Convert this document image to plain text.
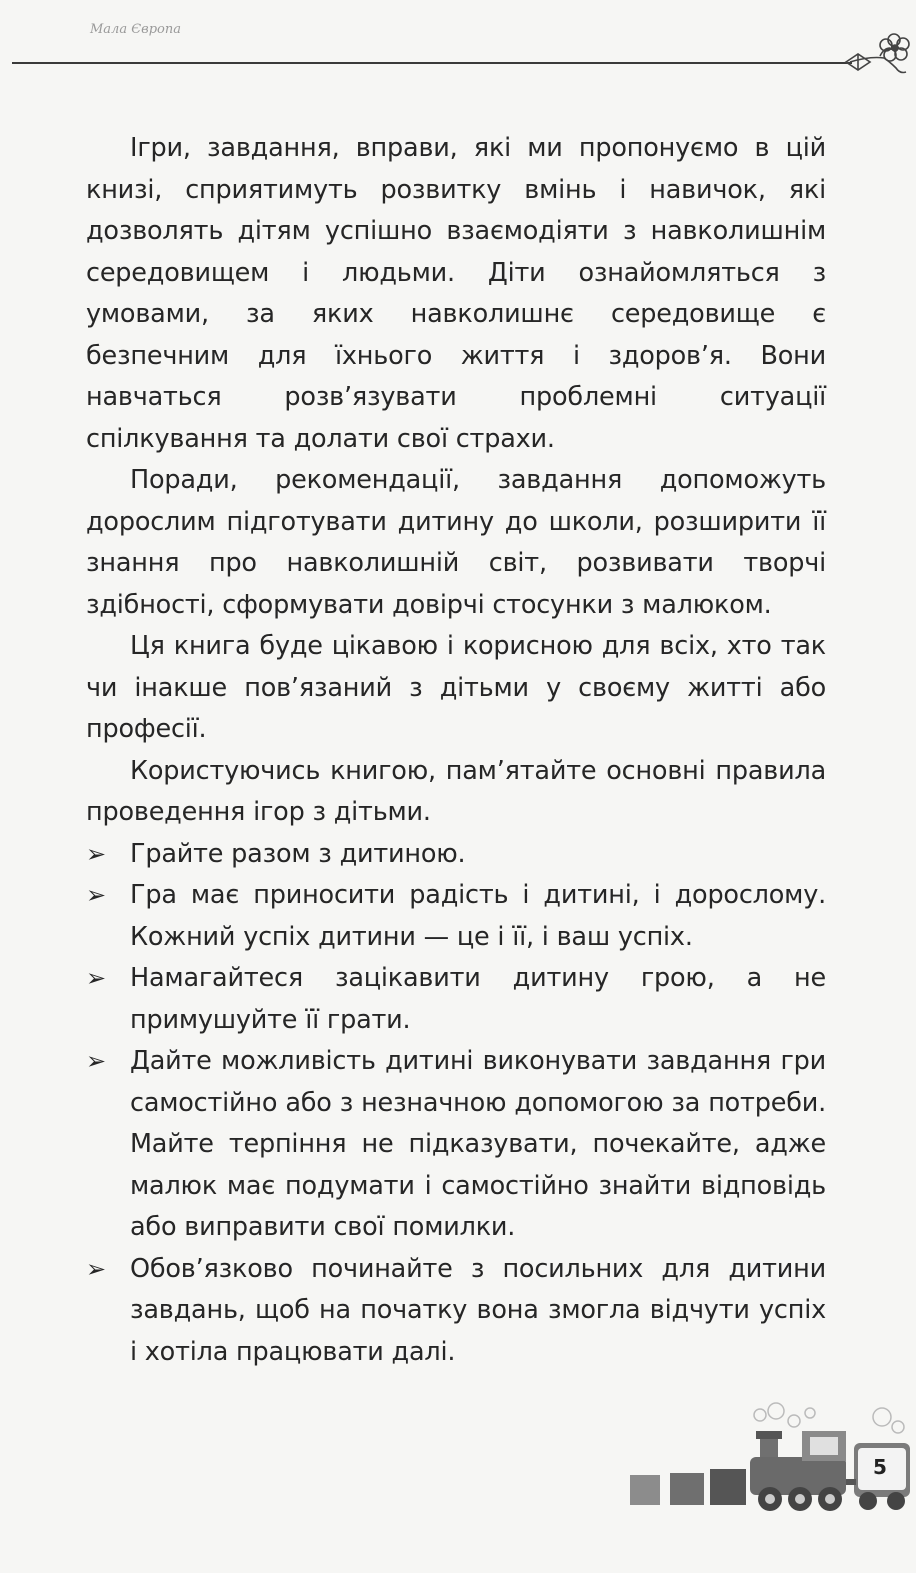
Мала Європа

Ігри, завдання, вправи, які ми пропонуємо в цій книзі, сприятимуть розвитку вмінь і навичок, які дозволять дітям успішно взаємодіяти з навколишнім середовищем і людьми. Діти ознайомляться з умовами, за яких навколишнє середовище є безпечним для їхнього життя і здоров’я. Вони навчаться розв’язувати проблемні ситуації спілкування та долати свої страхи.

Поради, рекомендації, завдання допоможуть дорослим підготувати дитину до школи, розширити її знання про навколишній світ, розвивати творчі здібності, сформувати довірчі стосунки з малюком.

Ця книга буде цікавою і корисною для всіх, хто так чи інакше пов’язаний з дітьми у своєму житті або професії.

Користуючись книгою, пам’ятайте основні правила проведення ігор з дітьми.

➢ Грайте разом з дитиною.
➢ Гра має приносити радість і дитині, і дорослому. Кожний успіх дитини — це і її, і ваш успіх.
➢ Намагайтеся зацікавити дитину грою, а не примушуйте її грати.
➢ Дайте можливість дитині виконувати завдання гри самостійно або з незначною допомогою за потреби. Майте терпіння не підказувати, почекайте, адже малюк має подумати і самостійно знайти відповідь або виправити свої помилки.
➢ Обов’язково починайте з посильних для дитини завдань, щоб на початку вона змогла відчути успіх і хотіла працювати далі.
5
